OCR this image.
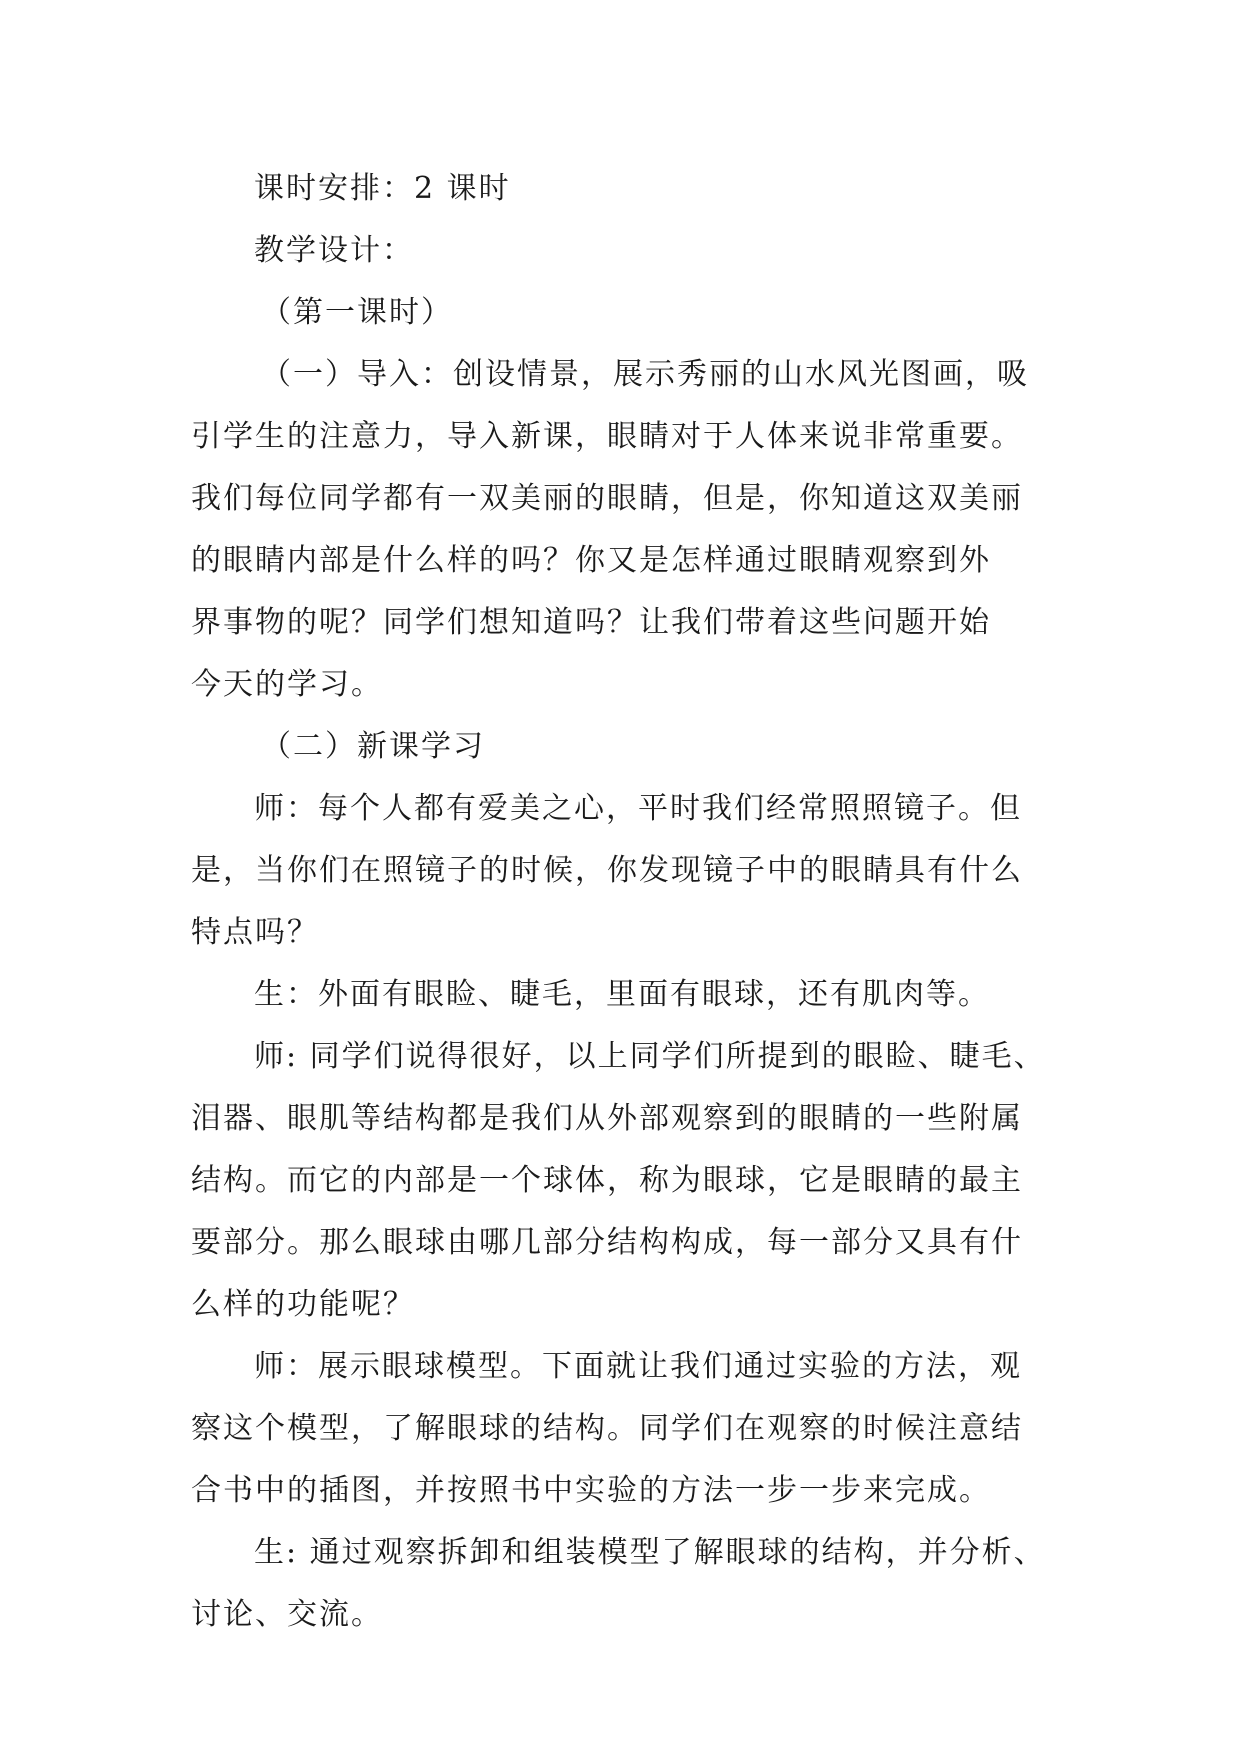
课时安排：2 课时
教学设计：
（第一课时）
（一）导入：创设情景，展示秀丽的山水风光图画，吸
引学生的注意力，导入新课，眼睛对于人体来说非常重要。
我们每位同学都有一双美丽的眼睛，但是，你知道这双美丽
的眼睛内部是什么样的吗？你又是怎样通过眼睛观察到外
界事物的呢？同学们想知道吗？让我们带着这些问题开始
今天的学习。
（二）新课学习
师：每个人都有爱美之心，平时我们经常照照镜子。但
是，当你们在照镜子的时候，你发现镜子中的眼睛具有什么
特点吗？
生：外面有眼睑、睫毛，里面有眼球，还有肌肉等。
师: 同学们说得很好，以上同学们所提到的眼睑、睫毛、
泪器、眼肌等结构都是我们从外部观察到的眼睛的一些附属
结构。而它的内部是一个球体，称为眼球，它是眼睛的最主
要部分。那么眼球由哪几部分结构构成，每一部分又具有什
么样的功能呢？
师：展示眼球模型。下面就让我们通过实验的方法，观
察这个模型，了解眼球的结构。同学们在观察的时候注意结
合书中的插图，并按照书中实验的方法一步一步来完成。
生: 通过观察拆卸和组装模型了解眼球的结构，并分析、
讨论、交流。
